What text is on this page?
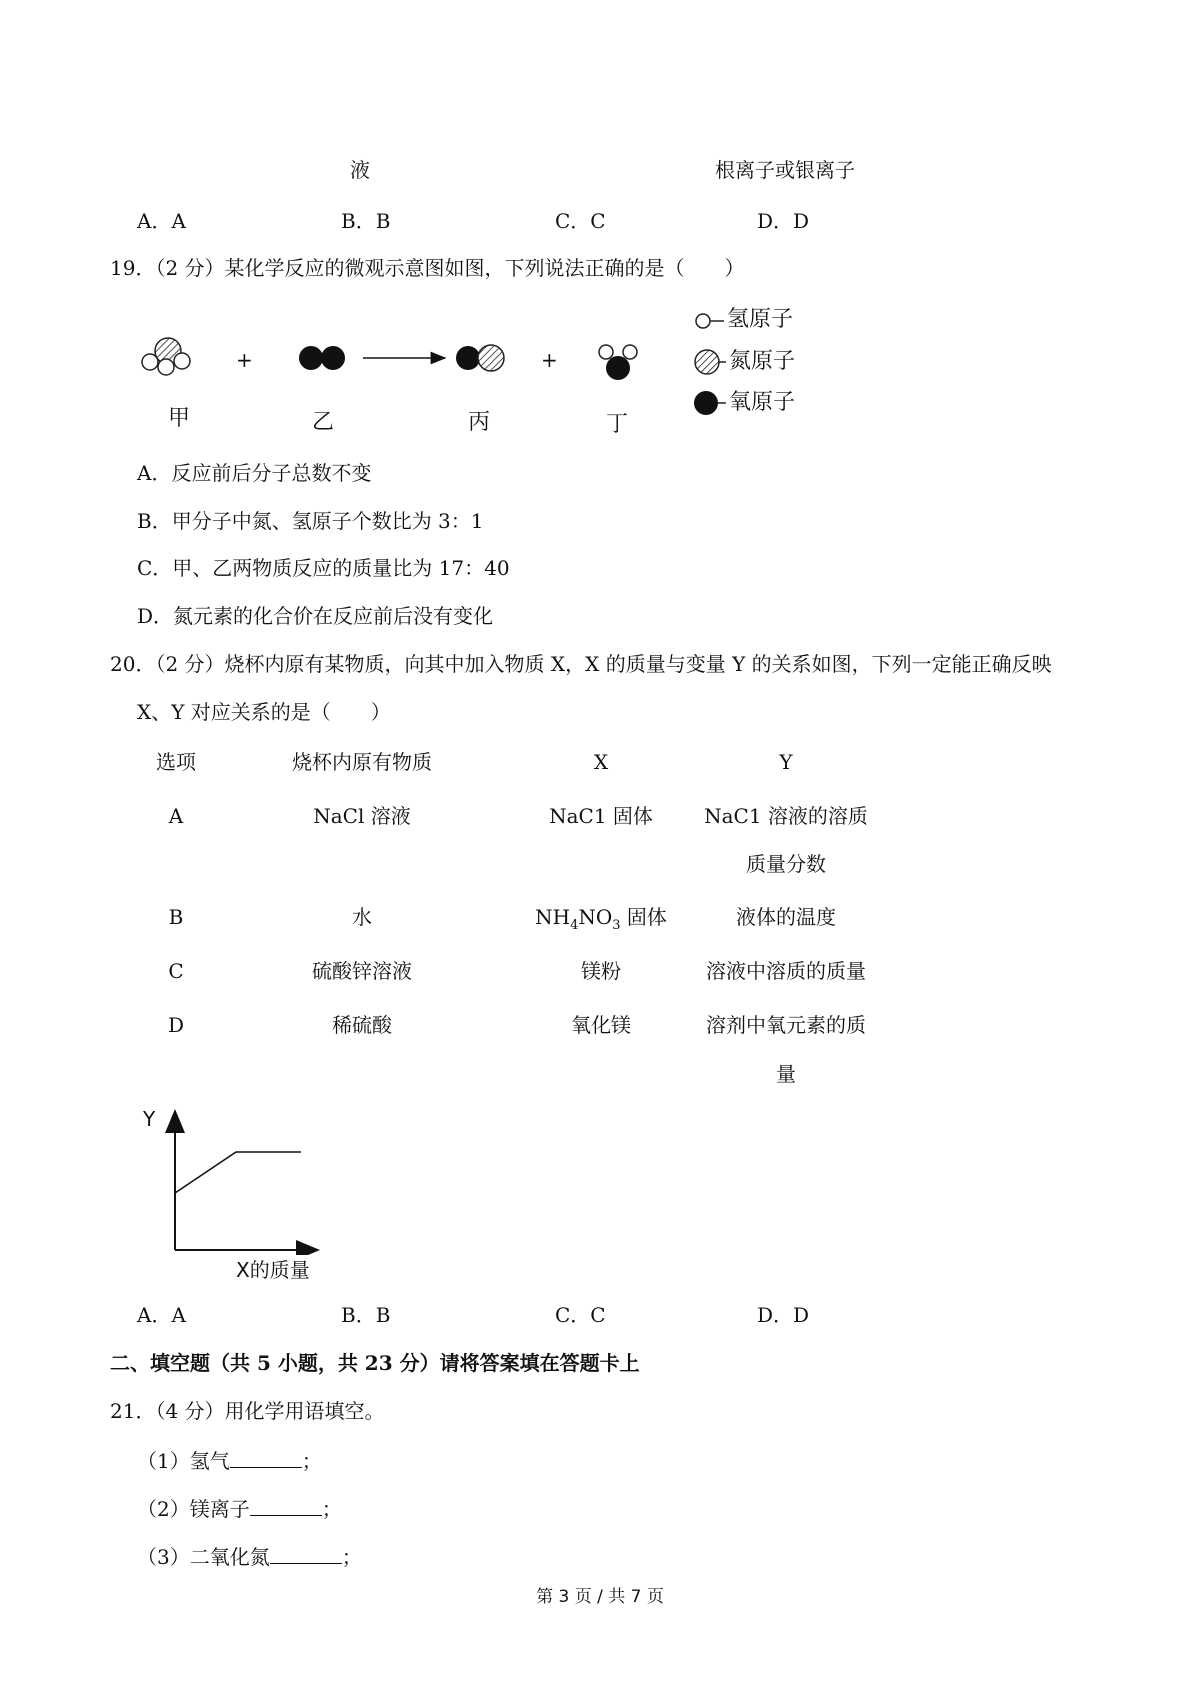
液	根离子或银离子
A．A	B．B	C．C	D．D
19．（2 分）某化学反应的微观示意图如图，下列说法正确的是（　　）
+	+
甲	乙	丙	丁
氢原子
氮原子
氧原子
A．反应前后分子总数不变
B．甲分子中氮、氢原子个数比为 3：1
C．甲、乙两物质反应的质量比为 17：40
D．氮元素的化合价在反应前后没有变化
20．（2 分）烧杯内原有某物质，向其中加入物质 X，X 的质量与变量 Y 的关系如图，下列一定能正确反映
X、Y 对应关系的是（　　）
选项	烧杯内原有物质	X	Y
A	NaCl 溶液	NaC1 固体	NaC1 溶液的溶质
质量分数
B	水	$NH_4NO_3$ 固体	液体的温度
C	硫酸锌溶液	镁粉	溶液中溶质的质量
D	稀硫酸	氧化镁	溶剂中氧元素的质
量
Y
X的质量
A．A	B．B	C．C	D．D
二、填空题（共 5 小题，共 23 分）请将答案填在答题卡上
21．（4 分）用化学用语填空。
（1）氢气	；
（2）镁离子	；
（3）二氧化氮	；
第 3 页 / 共 7 页
